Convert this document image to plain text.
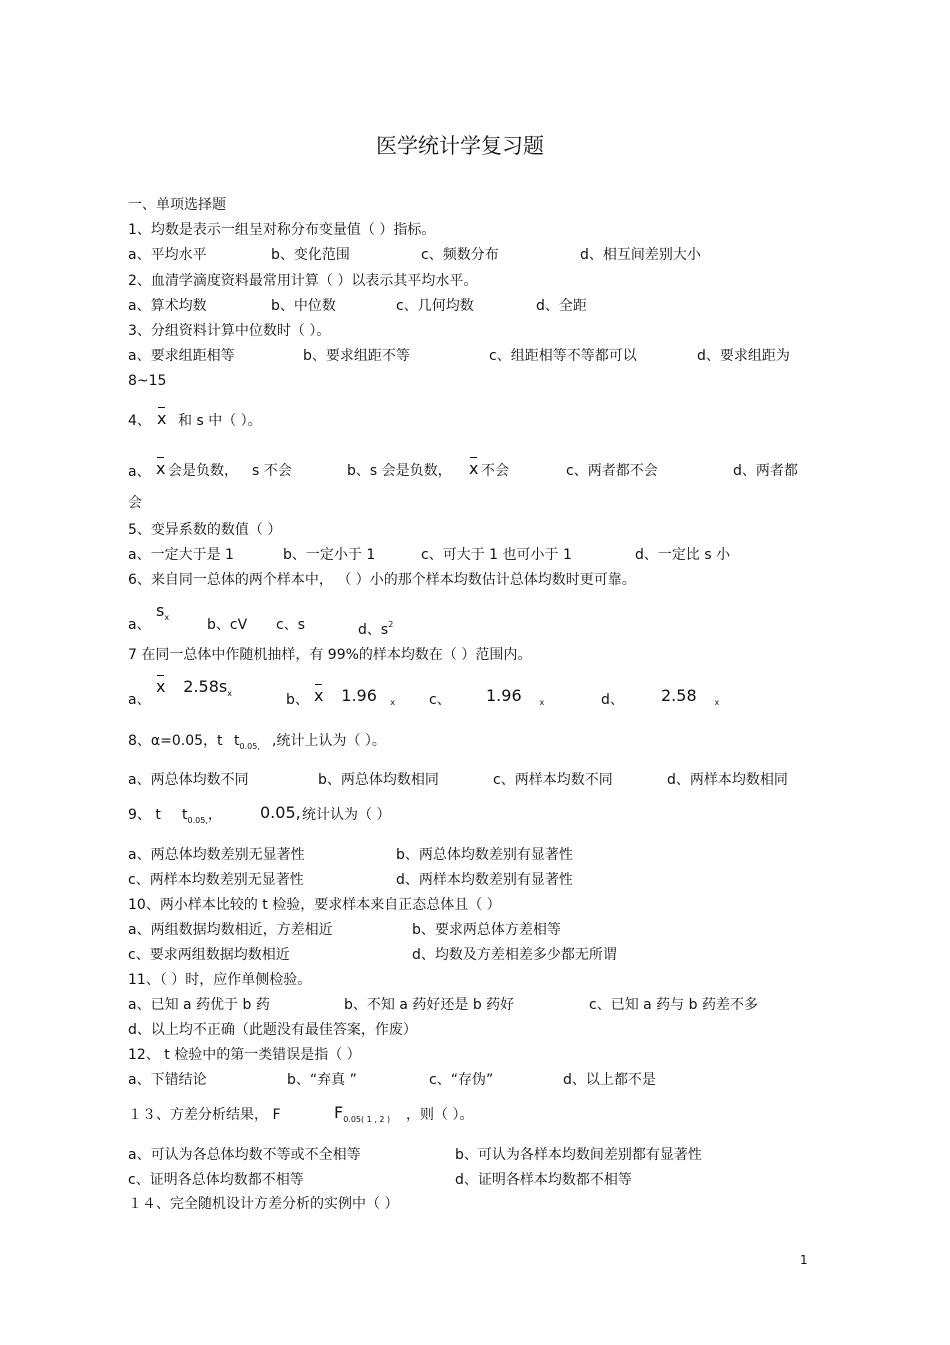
医学统计学复习题
一、单项选择题
1、均数是表示一组呈对称分布变量值（ ）指标。
a、平均水平	b、变化范围	c、频数分布	d、相互间差别大小
2、血清学滴度资料最常用计算（ ）以表示其平均水平。
a、算术均数	b、中位数	c、几何均数	d、全距
3、分组资料计算中位数时（ ）。
a、要求组距相等	b、要求组距不等	c、组距相等不等都可以	d、要求组距为
8~15
4、 x 和 s 中（ ）。
a、 x 会是负数， s 不会	b、s 会是负数， x 不会	c、两者都不会	d、两者都
会
5、变异系数的数值（ ）
a、一定大于是 1	b、一定小于 1	c、可大于 1 也可小于 1	d、一定比 s 小
6、来自同一总体的两个样本中， （ ）小的那个样本均数估计总体均数时更可靠。
a、
$s_x$	b、cV c、s	d、$s^2$
7 在同一总体中作随机抽样，有 99%的样本均数在（ ）范围内。
a、
x $2.58s_x$	b、 x 1.96 $_x$ c、 1.96 $_x$	d、 2.58 $_x$
8、α=0.05，t $t_{0.05,}$ ,统计上认为（ ）。
a、两总体均数不同	b、两总体均数相同	c、两样本均数不同	d、两样本均数相同
9、 t $t_{0.05,}$， 0.05, 统计认为（ ）
a、两总体均数差别无显著性	b、两总体均数差别有显著性
c、两样本均数差别无显著性	d、两样本均数差别有显著性
10、两小样本比较的 t 检验，要求样本来自正态总体且（ ）
a、两组数据均数相近，方差相近	b、要求两总体方差相等
c、要求两组数据均数相近	d、均数及方差相差多少都无所谓
11、（ ）时，应作单侧检验。
a、已知 a 药优于 b 药	b、不知 a 药好还是 b 药好	c、已知 a 药与 b 药差不多
d、以上均不正确（此题没有最佳答案，作废）
12、 t 检验中的第一类错误是指（ ）
a、下错结论	b、“弃真 ”	c、“存伪”	d、以上都不是
１３、方差分析结果， F	$F_{0.05( 1 , 2 )}$ ，则（ ）。
a、可认为各总体均数不等或不全相等	b、可认为各样本均数间差别都有显著性
c、证明各总体均数都不相等	d、证明各样本均数都不相等
１４、完全随机设计方差分析的实例中（ ）
1
